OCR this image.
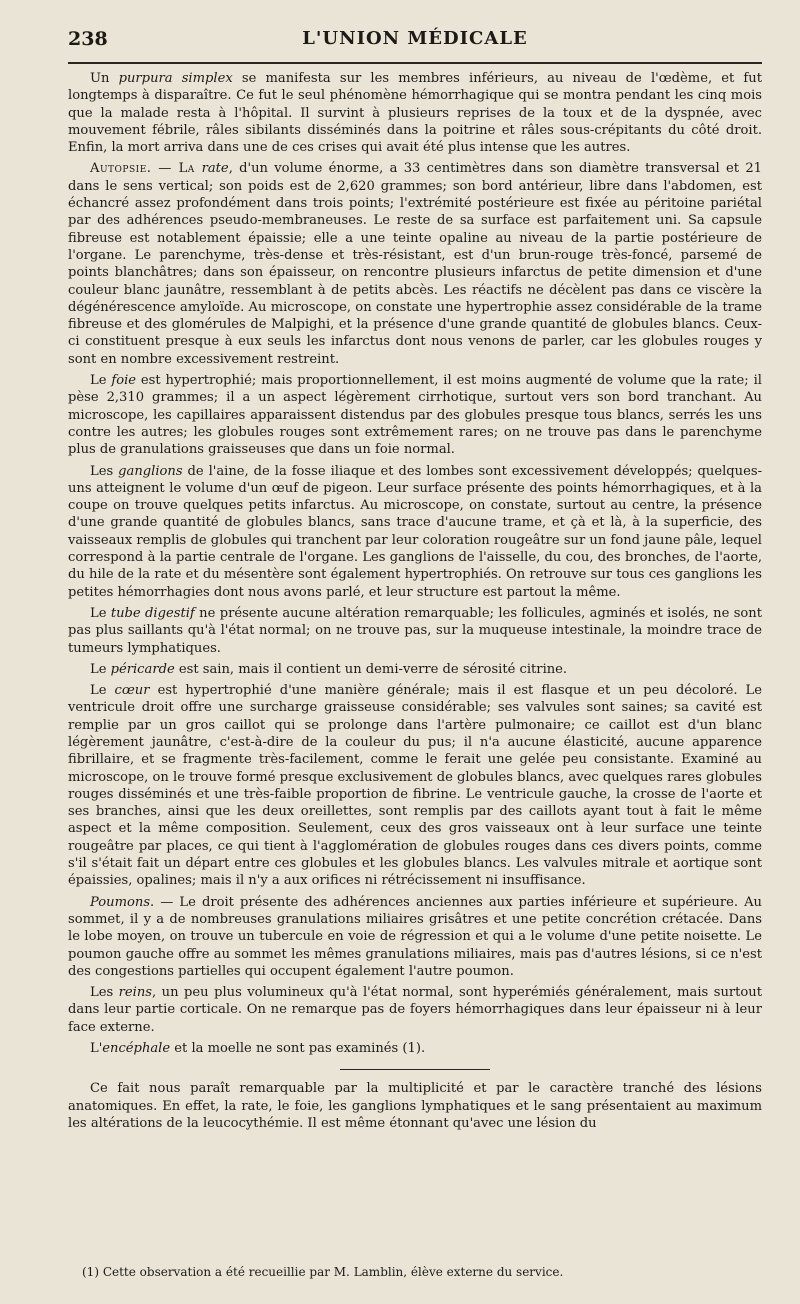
238	L'UNION MÉDICALE

Un purpura simplex se manifesta sur les membres inférieurs, au niveau de l'œdème, et fut longtemps à disparaître. Ce fut le seul phénomène hémorrhagique qui se montra pendant les cinq mois que la malade resta à l'hôpital. Il survint à plusieurs reprises de la toux et de la dyspnée, avec mouvement fébrile, râles sibilants disséminés dans la poitrine et râles sous-crépitants du côté droit. Enfin, la mort arriva dans une de ces crises qui avait été plus intense que les autres.

Autopsie. — La rate, d'un volume énorme, a 33 centimètres dans son diamètre transversal et 21 dans le sens vertical; son poids est de 2,620 grammes; son bord antérieur, libre dans l'abdomen, est échancré assez profondément dans trois points; l'extrémité postérieure est fixée au péritoine pariétal par des adhérences pseudo-membraneuses. Le reste de sa surface est parfaitement uni. Sa capsule fibreuse est notablement épaissie; elle a une teinte opaline au niveau de la partie postérieure de l'organe. Le parenchyme, très-dense et très-résistant, est d'un brun-rouge très-foncé, parsemé de points blanchâtres; dans son épaisseur, on rencontre plusieurs infarctus de petite dimension et d'une couleur blanc jaunâtre, ressemblant à de petits abcès. Les réactifs ne décèlent pas dans ce viscère la dégénérescence amyloïde. Au microscope, on constate une hypertrophie assez considérable de la trame fibreuse et des glomérules de Malpighi, et la présence d'une grande quantité de globules blancs. Ceux-ci constituent presque à eux seuls les infarctus dont nous venons de parler, car les globules rouges y sont en nombre excessivement restreint.

Le foie est hypertrophié; mais proportionnellement, il est moins augmenté de volume que la rate; il pèse 2,310 grammes; il a un aspect légèrement cirrhotique, surtout vers son bord tranchant. Au microscope, les capillaires apparaissent distendus par des globules presque tous blancs, serrés les uns contre les autres; les globules rouges sont extrêmement rares; on ne trouve pas dans le parenchyme plus de granulations graisseuses que dans un foie normal.

Les ganglions de l'aine, de la fosse iliaque et des lombes sont excessivement développés; quelques-uns atteignent le volume d'un œuf de pigeon. Leur surface présente des points hémorrhagiques, et à la coupe on trouve quelques petits infarctus. Au microscope, on constate, surtout au centre, la présence d'une grande quantité de globules blancs, sans trace d'aucune trame, et çà et là, à la superficie, des vaisseaux remplis de globules qui tranchent par leur coloration rougeâtre sur un fond jaune pâle, lequel correspond à la partie centrale de l'organe. Les ganglions de l'aisselle, du cou, des bronches, de l'aorte, du hile de la rate et du mésentère sont également hypertrophiés. On retrouve sur tous ces ganglions les petites hémorrhagies dont nous avons parlé, et leur structure est partout la même.

Le tube digestif ne présente aucune altération remarquable; les follicules, agminés et isolés, ne sont pas plus saillants qu'à l'état normal; on ne trouve pas, sur la muqueuse intestinale, la moindre trace de tumeurs lymphatiques.

Le péricarde est sain, mais il contient un demi-verre de sérosité citrine.

Le cœur est hypertrophié d'une manière générale; mais il est flasque et un peu décoloré. Le ventricule droit offre une surcharge graisseuse considérable; ses valvules sont saines; sa cavité est remplie par un gros caillot qui se prolonge dans l'artère pulmonaire; ce caillot est d'un blanc légèrement jaunâtre, c'est-à-dire de la couleur du pus; il n'a aucune élasticité, aucune apparence fibrillaire, et se fragmente très-facilement, comme le ferait une gelée peu consistante. Examiné au microscope, on le trouve formé presque exclusivement de globules blancs, avec quelques rares globules rouges disséminés et une très-faible proportion de fibrine. Le ventricule gauche, la crosse de l'aorte et ses branches, ainsi que les deux oreillettes, sont remplis par des caillots ayant tout à fait le même aspect et la même composition. Seulement, ceux des gros vaisseaux ont à leur surface une teinte rougeâtre par places, ce qui tient à l'agglomération de globules rouges dans ces divers points, comme s'il s'était fait un départ entre ces globules et les globules blancs. Les valvules mitrale et aortique sont épaissies, opalines; mais il n'y a aux orifices ni rétrécissement ni insuffisance.

Poumons. — Le droit présente des adhérences anciennes aux parties inférieure et supérieure. Au sommet, il y a de nombreuses granulations miliaires grisâtres et une petite concrétion crétacée. Dans le lobe moyen, on trouve un tubercule en voie de régression et qui a le volume d'une petite noisette. Le poumon gauche offre au sommet les mêmes granulations miliaires, mais pas d'autres lésions, si ce n'est des congestions partielles qui occupent également l'autre poumon.

Les reins, un peu plus volumineux qu'à l'état normal, sont hyperémiés généralement, mais surtout dans leur partie corticale. On ne remarque pas de foyers hémorrhagiques dans leur épaisseur ni à leur face externe.

L'encéphale et la moelle ne sont pas examinés (1).

Ce fait nous paraît remarquable par la multiplicité et par le caractère tranché des lésions anatomiques. En effet, la rate, le foie, les ganglions lymphatiques et le sang présentaient au maximum les altérations de la leucocythémie. Il est même étonnant qu'avec une lésion du

(1) Cette observation a été recueillie par M. Lamblin, élève externe du service.
